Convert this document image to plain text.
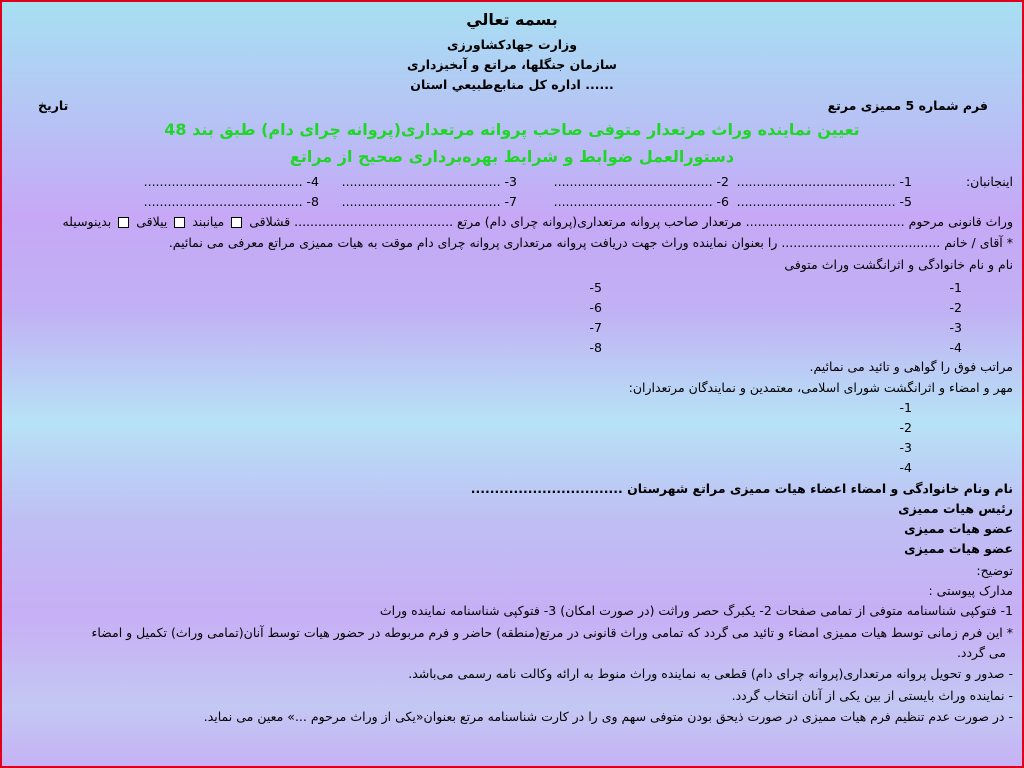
بسمه تعالي
وزارت جهادكشاورزی
سازمان جنگلها، مراتع و آبخيزداری
اداره كل منابع‌طبيعي استان ......
فرم شماره 5 مميزی مرتع
تاريخ
تعيين نماينده وراث مرتعدار متوفی صاحب پروانه مرتعداری(پروانه چرای دام) طبق بند 48
دستورالعمل ضوابط و شرايط بهره‌برداری صحيح از مراتع
اينجانبان:
1- ........................................
2- ........................................
3- ........................................
4- ........................................
5- ........................................
6- ........................................
7- ........................................
8- ........................................
وراث قانونی مرحوم ........................................ مرتعدار صاحب پروانه مرتعداری(پروانه چرای دام) مرتع ........................................ قشلاقی  ميانبند  ييلاقی  بدينوسيله
* آقای / خانم ........................................ را بعنوان نماينده وراث جهت دريافت پروانه مرتعداری پروانه چرای دام موقت به هيات مميزی مراتع معرفی می نمائيم.
نام و نام خانوادگی و اثرانگشت وراث متوفی
1-
2-
3-
4-
5-
6-
7-
8-
مراتب فوق را گواهی و تائيد می نمائيم.
مهر و امضاء و اثرانگشت شورای اسلامی، معتمدين و نمايندگان مرتعداران:
1-
2-
3-
4-
نام ونام خانوادگی و امضاء اعضاء هيات مميزی مراتع شهرستان ................................
رئيس هيات مميزی
عضو هيات مميزی
عضو هيات مميزی
توضيح:
مدارک پيوستی :
1- فتوكپی شناسنامه متوفی از تمامی صفحات 2- يكبرگ حصر وراثت (در صورت امكان) 3- فتوكپی شناسنامه نماينده وراث
* اين فرم زمانی توسط هيات مميزی امضاء و تائيد می گردد كه تمامی وراث قانونی در مرتع(منطقه) حاضر و فرم مربوطه در حضور هيات توسط آنان(تمامی وراث) تكميل و امضاء
می گردد.
- صدور و تحويل پروانه مرتعداری(پروانه چرای دام) قطعی به نماينده وراث منوط به ارائه وكالت نامه رسمی می‌باشد.
- نماينده وراث بايستی از بين يكی از آنان انتخاب گردد.
- در صورت عدم تنظيم فرم هيات مميزی در صورت ذيحق بودن متوفی سهم وی را در كارت شناسنامه مرتع بعنوان«يكی از وراث مرحوم ...» معين می نمايد.
